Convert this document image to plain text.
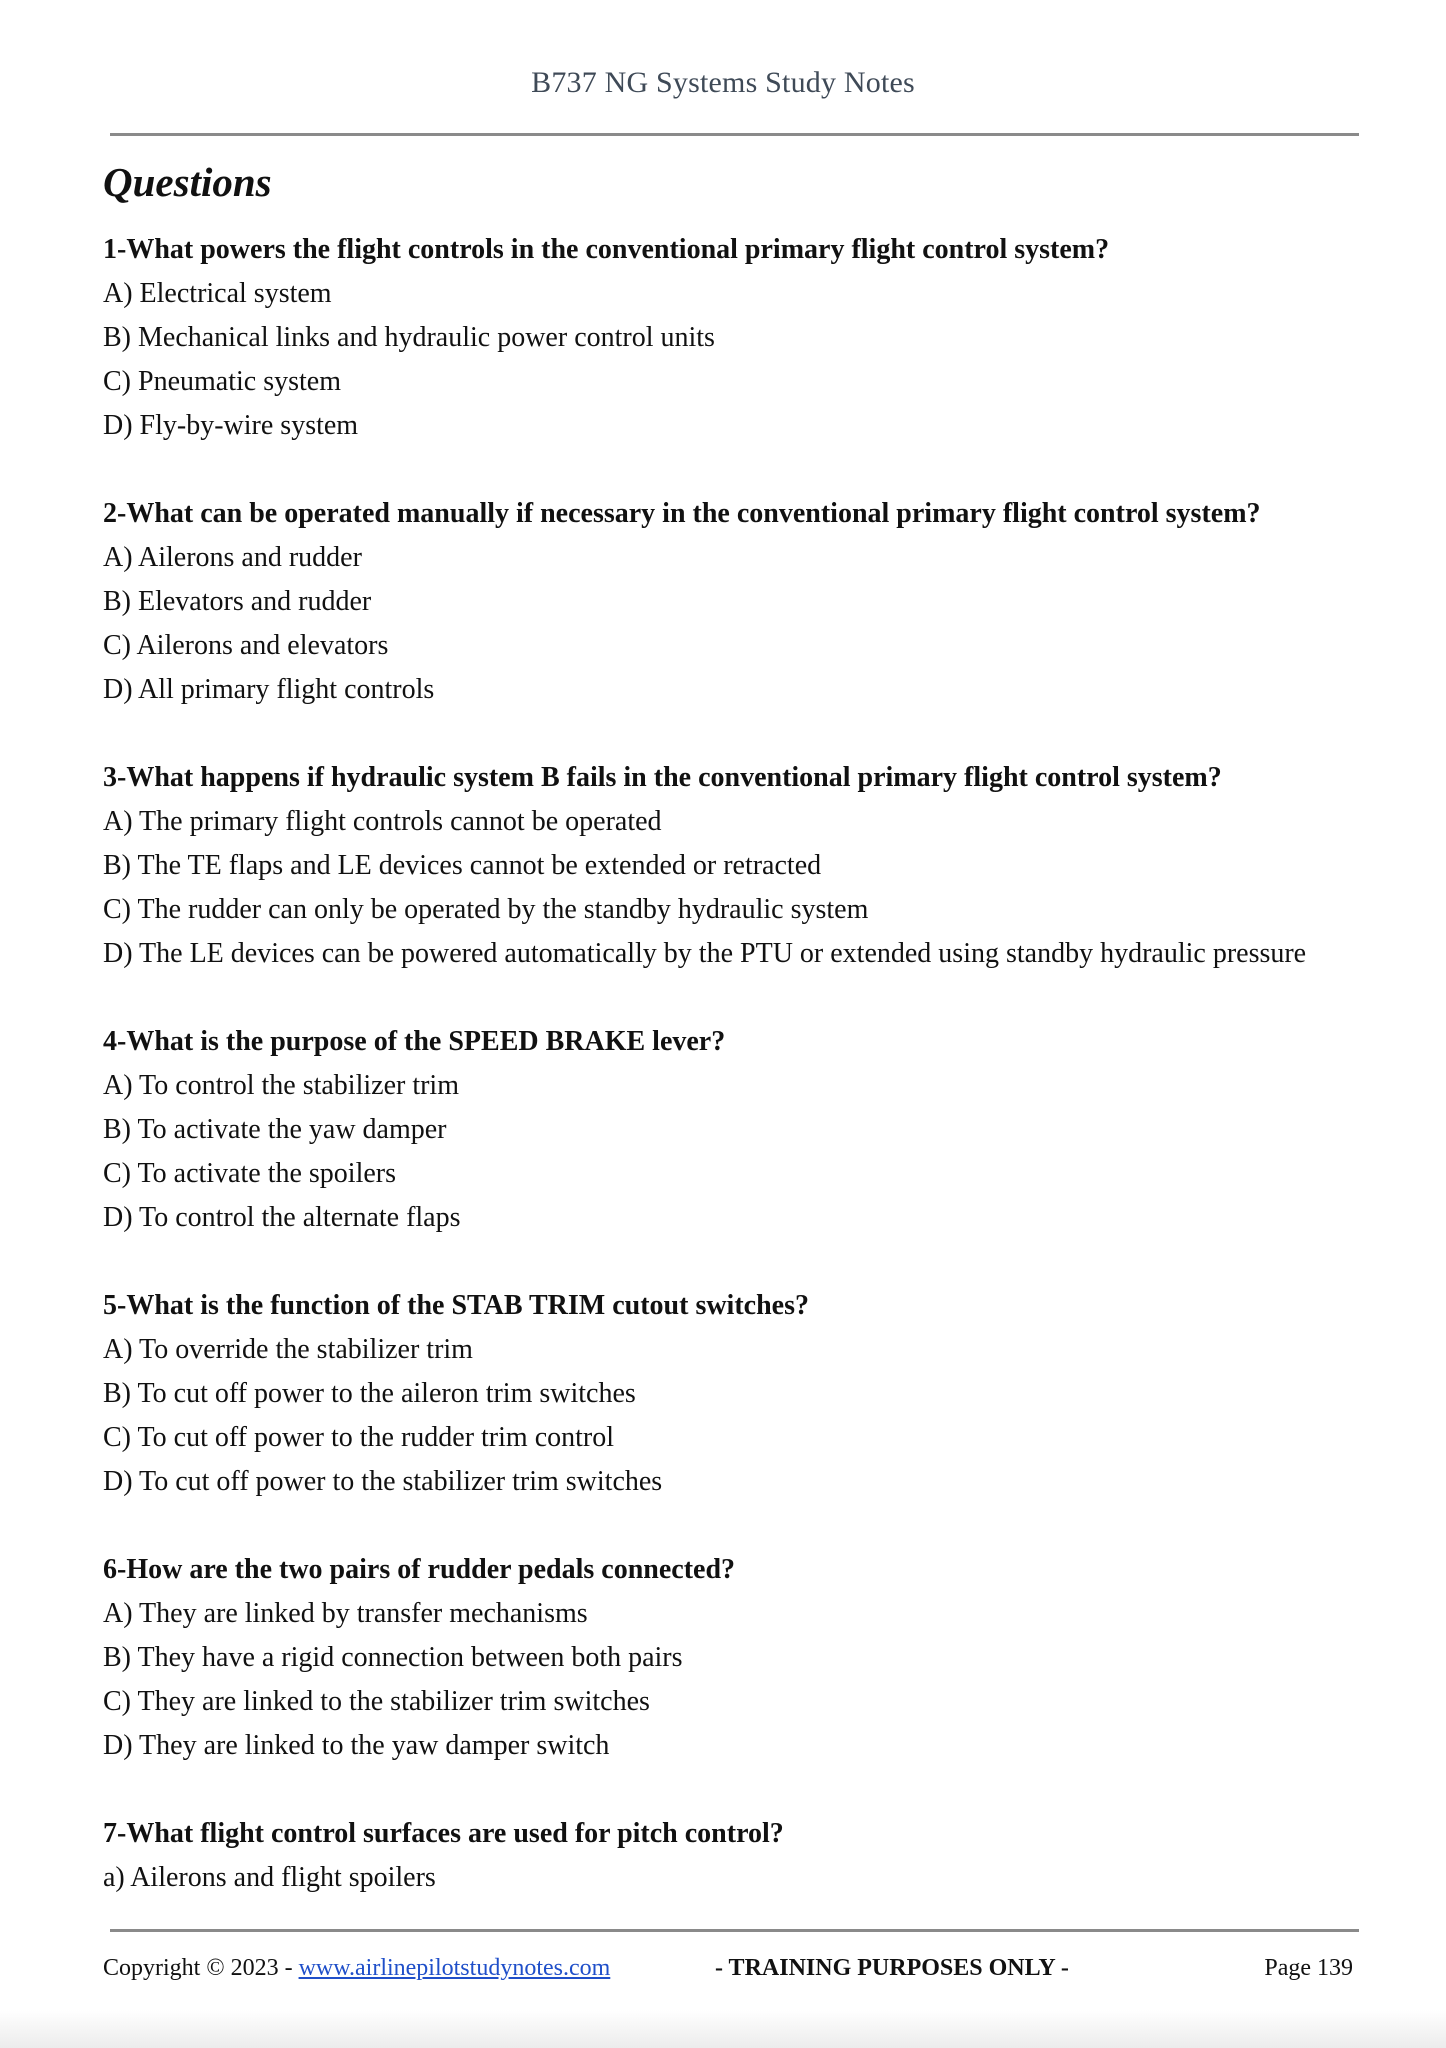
B737 NG Systems Study Notes
Questions
1-What powers the flight controls in the conventional primary flight control system?
A) Electrical system
B) Mechanical links and hydraulic power control units
C) Pneumatic system
D) Fly-by-wire system
2-What can be operated manually if necessary in the conventional primary flight control system?
A) Ailerons and rudder
B) Elevators and rudder
C) Ailerons and elevators
D) All primary flight controls
3-What happens if hydraulic system B fails in the conventional primary flight control system?
A) The primary flight controls cannot be operated
B) The TE flaps and LE devices cannot be extended or retracted
C) The rudder can only be operated by the standby hydraulic system
D) The LE devices can be powered automatically by the PTU or extended using standby hydraulic pressure
4-What is the purpose of the SPEED BRAKE lever?
A) To control the stabilizer trim
B) To activate the yaw damper
C) To activate the spoilers
D) To control the alternate flaps
5-What is the function of the STAB TRIM cutout switches?
A) To override the stabilizer trim
B) To cut off power to the aileron trim switches
C) To cut off power to the rudder trim control
D) To cut off power to the stabilizer trim switches
6-How are the two pairs of rudder pedals connected?
A) They are linked by transfer mechanisms
B) They have a rigid connection between both pairs
C) They are linked to the stabilizer trim switches
D) They are linked to the yaw damper switch
7-What flight control surfaces are used for pitch control?
a) Ailerons and flight spoilers
Copyright © 2023 - www.airlinepilotstudynotes.com	- TRAINING PURPOSES ONLY -	Page 139
